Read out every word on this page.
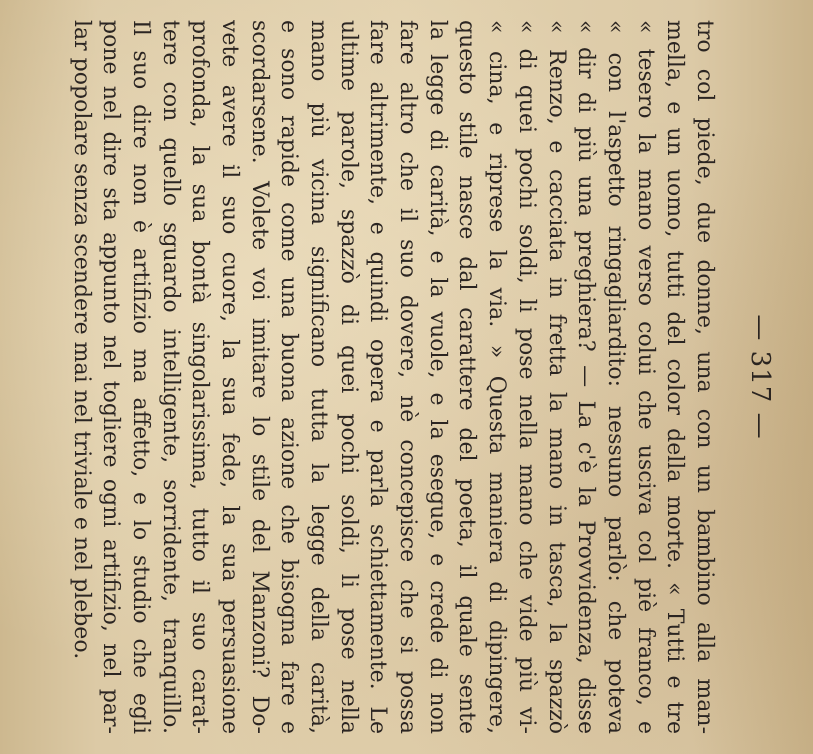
— 317 —
tro col piede, due donne, una con un bambino alla man-
mella, e un uomo, tutti del color della morte. « Tutti e tre
« tesero la mano verso colui che usciva col piè franco, e
« con l'aspetto ringagliardito: nessuno parlò: che poteva
« dir di più una preghiera? — La c'è la Provvidenza, disse
« Renzo, e cacciata in fretta la mano in tasca, la spazzò
« di quei pochi soldi, li pose nella mano che vide più vi-
« cina, e riprese la via. » Questa maniera di dipingere,
questo stile nasce dal carattere del poeta, il quale sente
la legge di carità, e la vuole, e la esegue, e crede di non
fare altro che il suo dovere, nè concepisce che si possa
fare altrimente, e quindi opera e parla schiettamente. Le
ultime parole, spazzò di quei pochi soldi, li pose nella
mano più vicina significano tutta la legge della carità,
e sono rapide come una buona azione che bisogna fare e
scordarsene. Volete voi imitare lo stile del Manzoni? Do-
vete avere il suo cuore, la sua fede, la sua persuasione
profonda, la sua bontà singolarissima, tutto il suo carat-
tere con quello sguardo intelligente, sorridente, tranquillo.
Il suo dire non è artifizio ma affetto, e lo studio che egli
pone nel dire sta appunto nel togliere ogni artifizio, nel par-
lar popolare senza scendere mai nel triviale e nel plebeo.
